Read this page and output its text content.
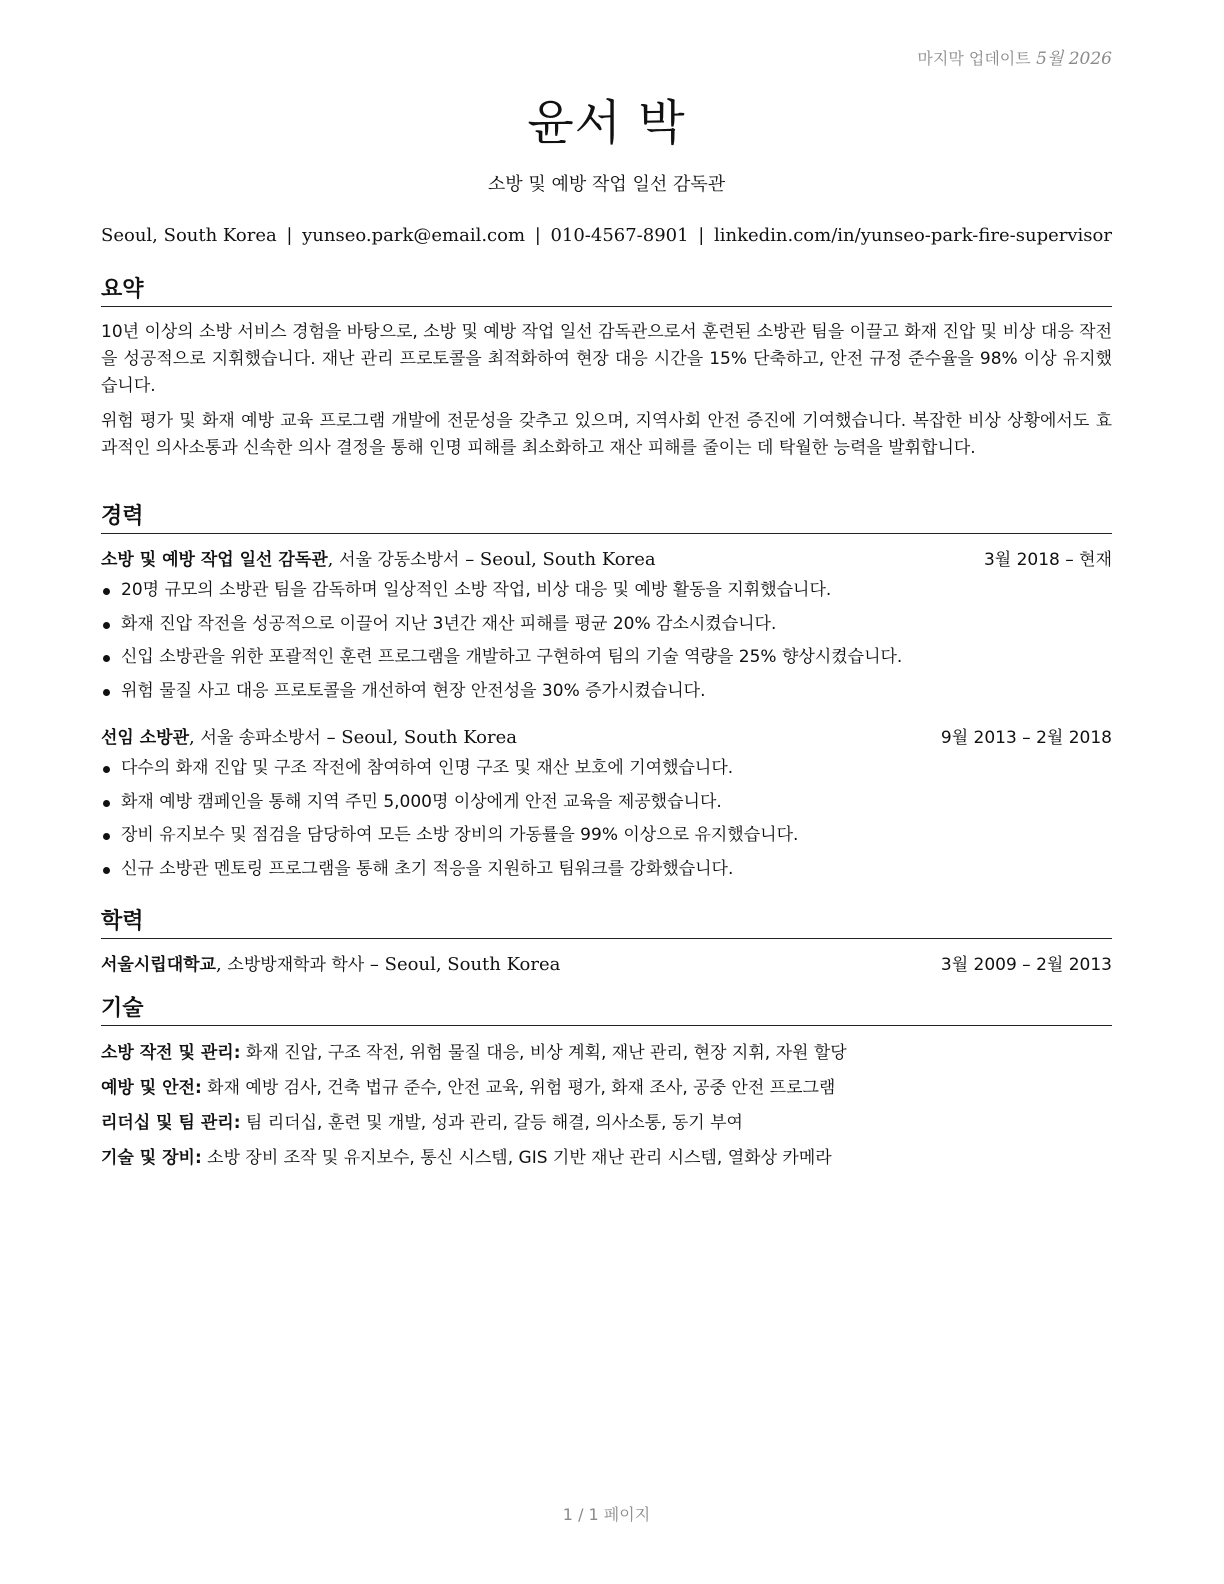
마지막 업데이트 5월 2026
윤서 박
소방 및 예방 작업 일선 감독관
Seoul, South Korea | yunseo.park@email.com | 010-4567-8901 | linkedin.com/in/yunseo-park-fire-supervisor
요약

10년 이상의 소방 서비스 경험을 바탕으로, 소방 및 예방 작업 일선 감독관으로서 훈련된 소방관 팀을 이끌고 화재 진압 및 비상 대응 작전을 성공적으로 지휘했습니다. 재난 관리 프로토콜을 최적화하여 현장 대응 시간을 15% 단축하고, 안전 규정 준수율을 98% 이상 유지했습니다.

위험 평가 및 화재 예방 교육 프로그램 개발에 전문성을 갖추고 있으며, 지역사회 안전 증진에 기여했습니다. 복잡한 비상 상황에서도 효과적인 의사소통과 신속한 의사 결정을 통해 인명 피해를 최소화하고 재산 피해를 줄이는 데 탁월한 능력을 발휘합니다.

경력
소방 및 예방 작업 일선 감독관, 서울 강동소방서 – Seoul, South Korea	3월 2018 – 현재
20명 규모의 소방관 팀을 감독하며 일상적인 소방 작업, 비상 대응 및 예방 활동을 지휘했습니다.
화재 진압 작전을 성공적으로 이끌어 지난 3년간 재산 피해를 평균 20% 감소시켰습니다.
신입 소방관을 위한 포괄적인 훈련 프로그램을 개발하고 구현하여 팀의 기술 역량을 25% 향상시켰습니다.
위험 물질 사고 대응 프로토콜을 개선하여 현장 안전성을 30% 증가시켰습니다.
선임 소방관, 서울 송파소방서 – Seoul, South Korea	9월 2013 – 2월 2018
다수의 화재 진압 및 구조 작전에 참여하여 인명 구조 및 재산 보호에 기여했습니다.
화재 예방 캠페인을 통해 지역 주민 5,000명 이상에게 안전 교육을 제공했습니다.
장비 유지보수 및 점검을 담당하여 모든 소방 장비의 가동률을 99% 이상으로 유지했습니다.
신규 소방관 멘토링 프로그램을 통해 초기 적응을 지원하고 팀워크를 강화했습니다.
학력
서울시립대학교, 소방방재학과 학사 – Seoul, South Korea	3월 2009 – 2월 2013
기술
소방 작전 및 관리: 화재 진압, 구조 작전, 위험 물질 대응, 비상 계획, 재난 관리, 현장 지휘, 자원 할당
예방 및 안전: 화재 예방 검사, 건축 법규 준수, 안전 교육, 위험 평가, 화재 조사, 공중 안전 프로그램
리더십 및 팀 관리: 팀 리더십, 훈련 및 개발, 성과 관리, 갈등 해결, 의사소통, 동기 부여
기술 및 장비: 소방 장비 조작 및 유지보수, 통신 시스템, GIS 기반 재난 관리 시스템, 열화상 카메라
1 / 1 페이지
